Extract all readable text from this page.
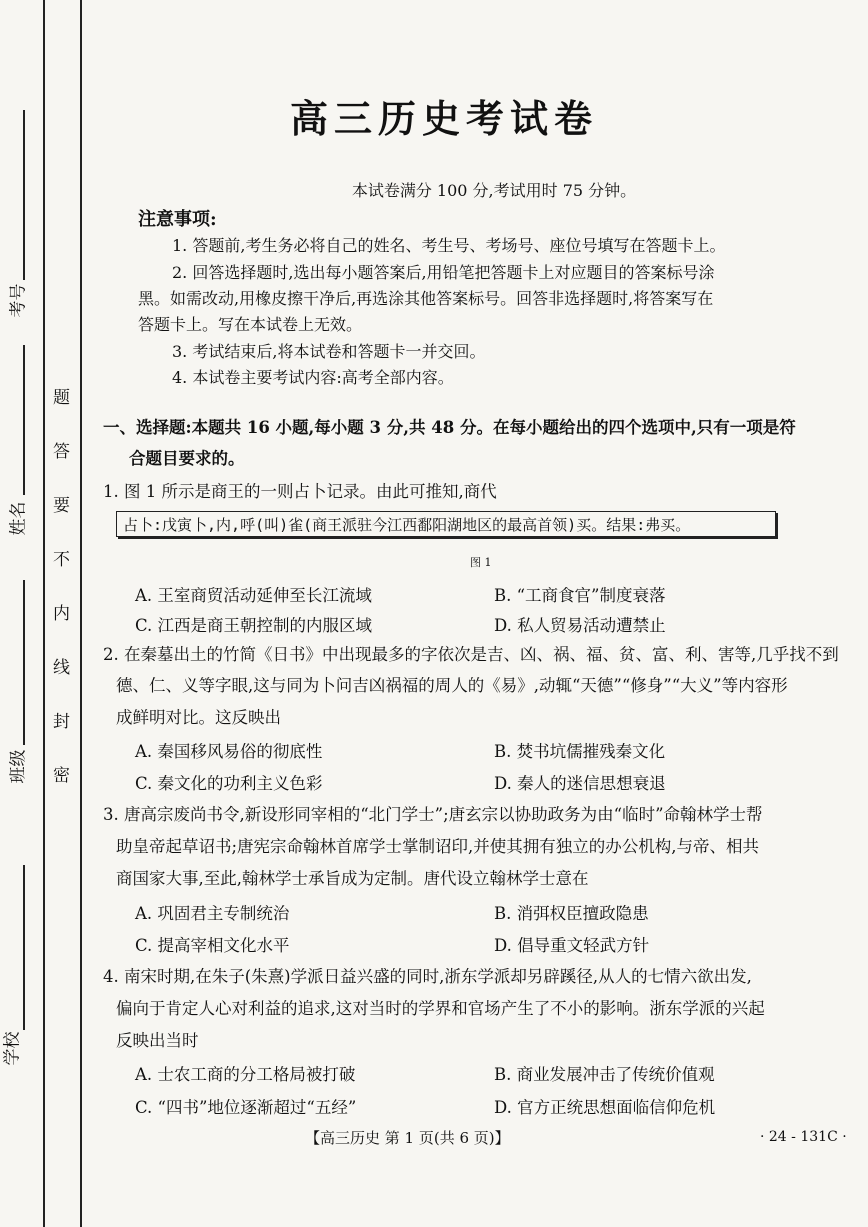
考号
姓名
班级
学校
题
答
要
不
内
线
封
密
高三历史考试卷
本试卷满分 100 分,考试用时 75 分钟。
注意事项:
1. 答题前,考生务必将自己的姓名、考生号、考场号、座位号填写在答题卡上。
2. 回答选择题时,选出每小题答案后,用铅笔把答题卡上对应题目的答案标号涂
黑。如需改动,用橡皮擦干净后,再选涂其他答案标号。回答非选择题时,将答案写在
答题卡上。写在本试卷上无效。
3. 考试结束后,将本试卷和答题卡一并交回。
4. 本试卷主要考试内容:高考全部内容。
一、选择题:本题共 16 小题,每小题 3 分,共 48 分。在每小题给出的四个选项中,只有一项是符
合题目要求的。
1. 图 1 所示是商王的一则占卜记录。由此可推知,商代
占卜:戊寅卜,内,呼(叫)雀(商王派驻今江西鄱阳湖地区的最高首领)买。结果:弗买。
图 1
A. 王室商贸活动延伸至长江流域	B. “工商食官”制度衰落
C. 江西是商王朝控制的内服区域	D. 私人贸易活动遭禁止
2. 在秦墓出土的竹简《日书》中出现最多的字依次是吉、凶、祸、福、贫、富、利、害等,几乎找不到
德、仁、义等字眼,这与同为卜问吉凶祸福的周人的《易》,动辄“天德”“修身”“大义”等内容形
成鲜明对比。这反映出
A. 秦国移风易俗的彻底性	B. 焚书坑儒摧残秦文化
C. 秦文化的功利主义色彩	D. 秦人的迷信思想衰退
3. 唐高宗废尚书令,新设形同宰相的“北门学士”;唐玄宗以协助政务为由“临时”命翰林学士帮
助皇帝起草诏书;唐宪宗命翰林首席学士掌制诏印,并使其拥有独立的办公机构,与帝、相共
商国家大事,至此,翰林学士承旨成为定制。唐代设立翰林学士意在
A. 巩固君主专制统治	B. 消弭权臣擅政隐患
C. 提高宰相文化水平	D. 倡导重文轻武方针
4. 南宋时期,在朱子(朱熹)学派日益兴盛的同时,浙东学派却另辟蹊径,从人的七情六欲出发,
偏向于肯定人心对利益的追求,这对当时的学界和官场产生了不小的影响。浙东学派的兴起
反映出当时
A. 士农工商的分工格局被打破	B. 商业发展冲击了传统价值观
C. “四书”地位逐渐超过“五经”	D. 官方正统思想面临信仰危机
【高三历史 第 1 页(共 6 页)】	· 24 - 131C ·
